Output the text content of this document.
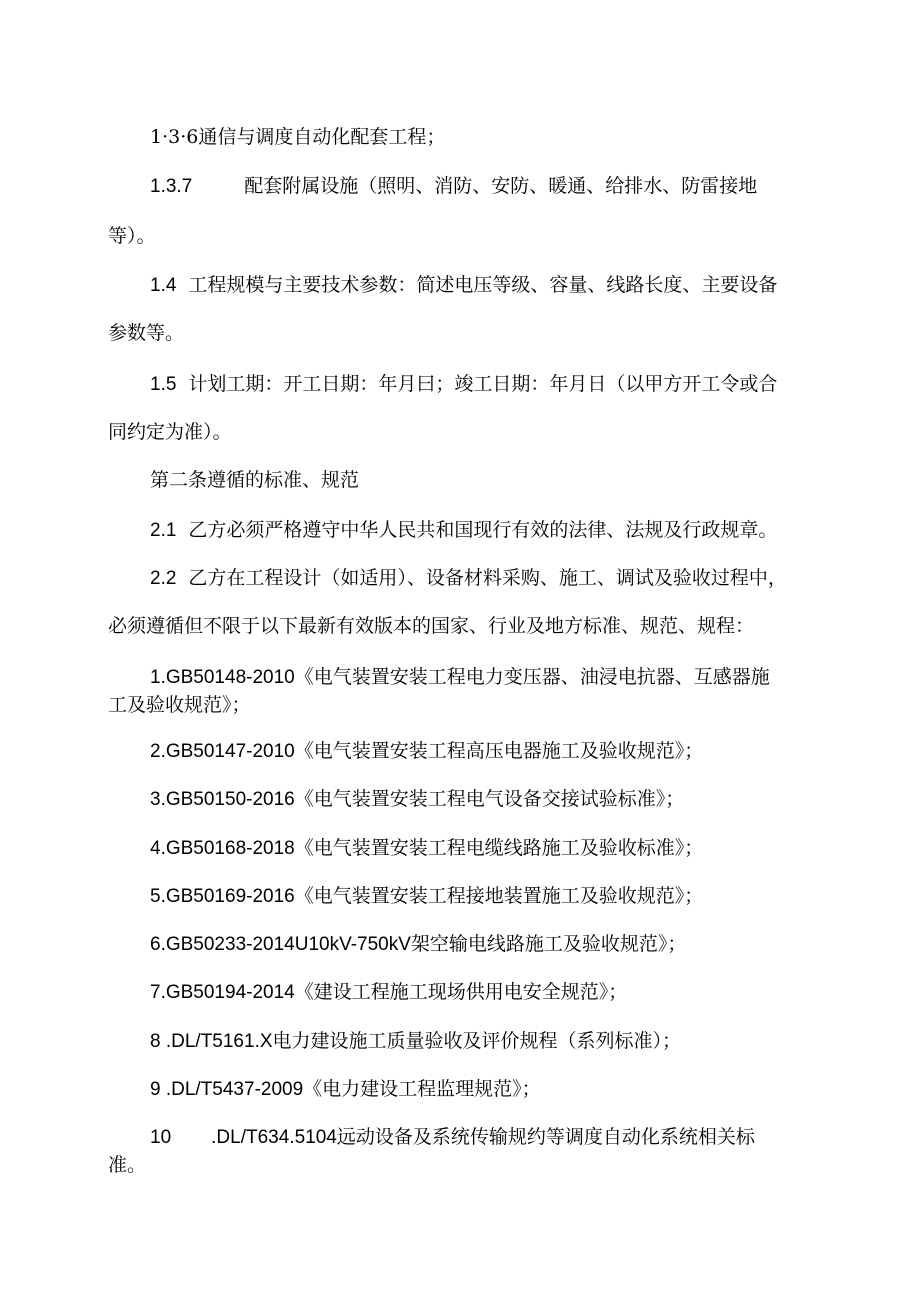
1·3·6通信与调度自动化配套工程；
1.3.7	配套附属设施（照明、消防、安防、暖通、给排水、防雷接地
等）。
1.4 工程规模与主要技术参数：简述电压等级、容量、线路长度、主要设备
参数等。
1.5 计划工期：开工日期：年月曰；竣工日期：年月日（以甲方开工令或合
同约定为准）。
第二条遵循的标准、规范
2.1 乙方必须严格遵守中华人民共和国现行有效的法律、法规及行政规章。
2.2 乙方在工程设计（如适用）、设备材料采购、施工、调试及验收过程中，
必须遵循但不限于以下最新有效版本的国家、行业及地方标准、规范、规程：
1.GB50148-2010《电气装置安装工程电力变压器、油浸电抗器、互感器施
工及验收规范》；
2.GB50147-2010《电气装置安装工程高压电器施工及验收规范》；
3.GB50150-2016《电气装置安装工程电气设备交接试验标准》；
4.GB50168-2018《电气装置安装工程电缆线路施工及验收标准》；
5.GB50169-2016《电气装置安装工程接地装置施工及验收规范》；
6.GB50233-2014U10kV-750kV架空输电线路施工及验收规范》；
7.GB50194-2014《建设工程施工现场供用电安全规范》；
8 .DL/T5161.X电力建设施工质量验收及评价规程（系列标准）；
9 .DL/T5437-2009《电力建设工程监理规范》；
10 .DL/T634.5104远动设备及系统传输规约等调度自动化系统相关标
准。
